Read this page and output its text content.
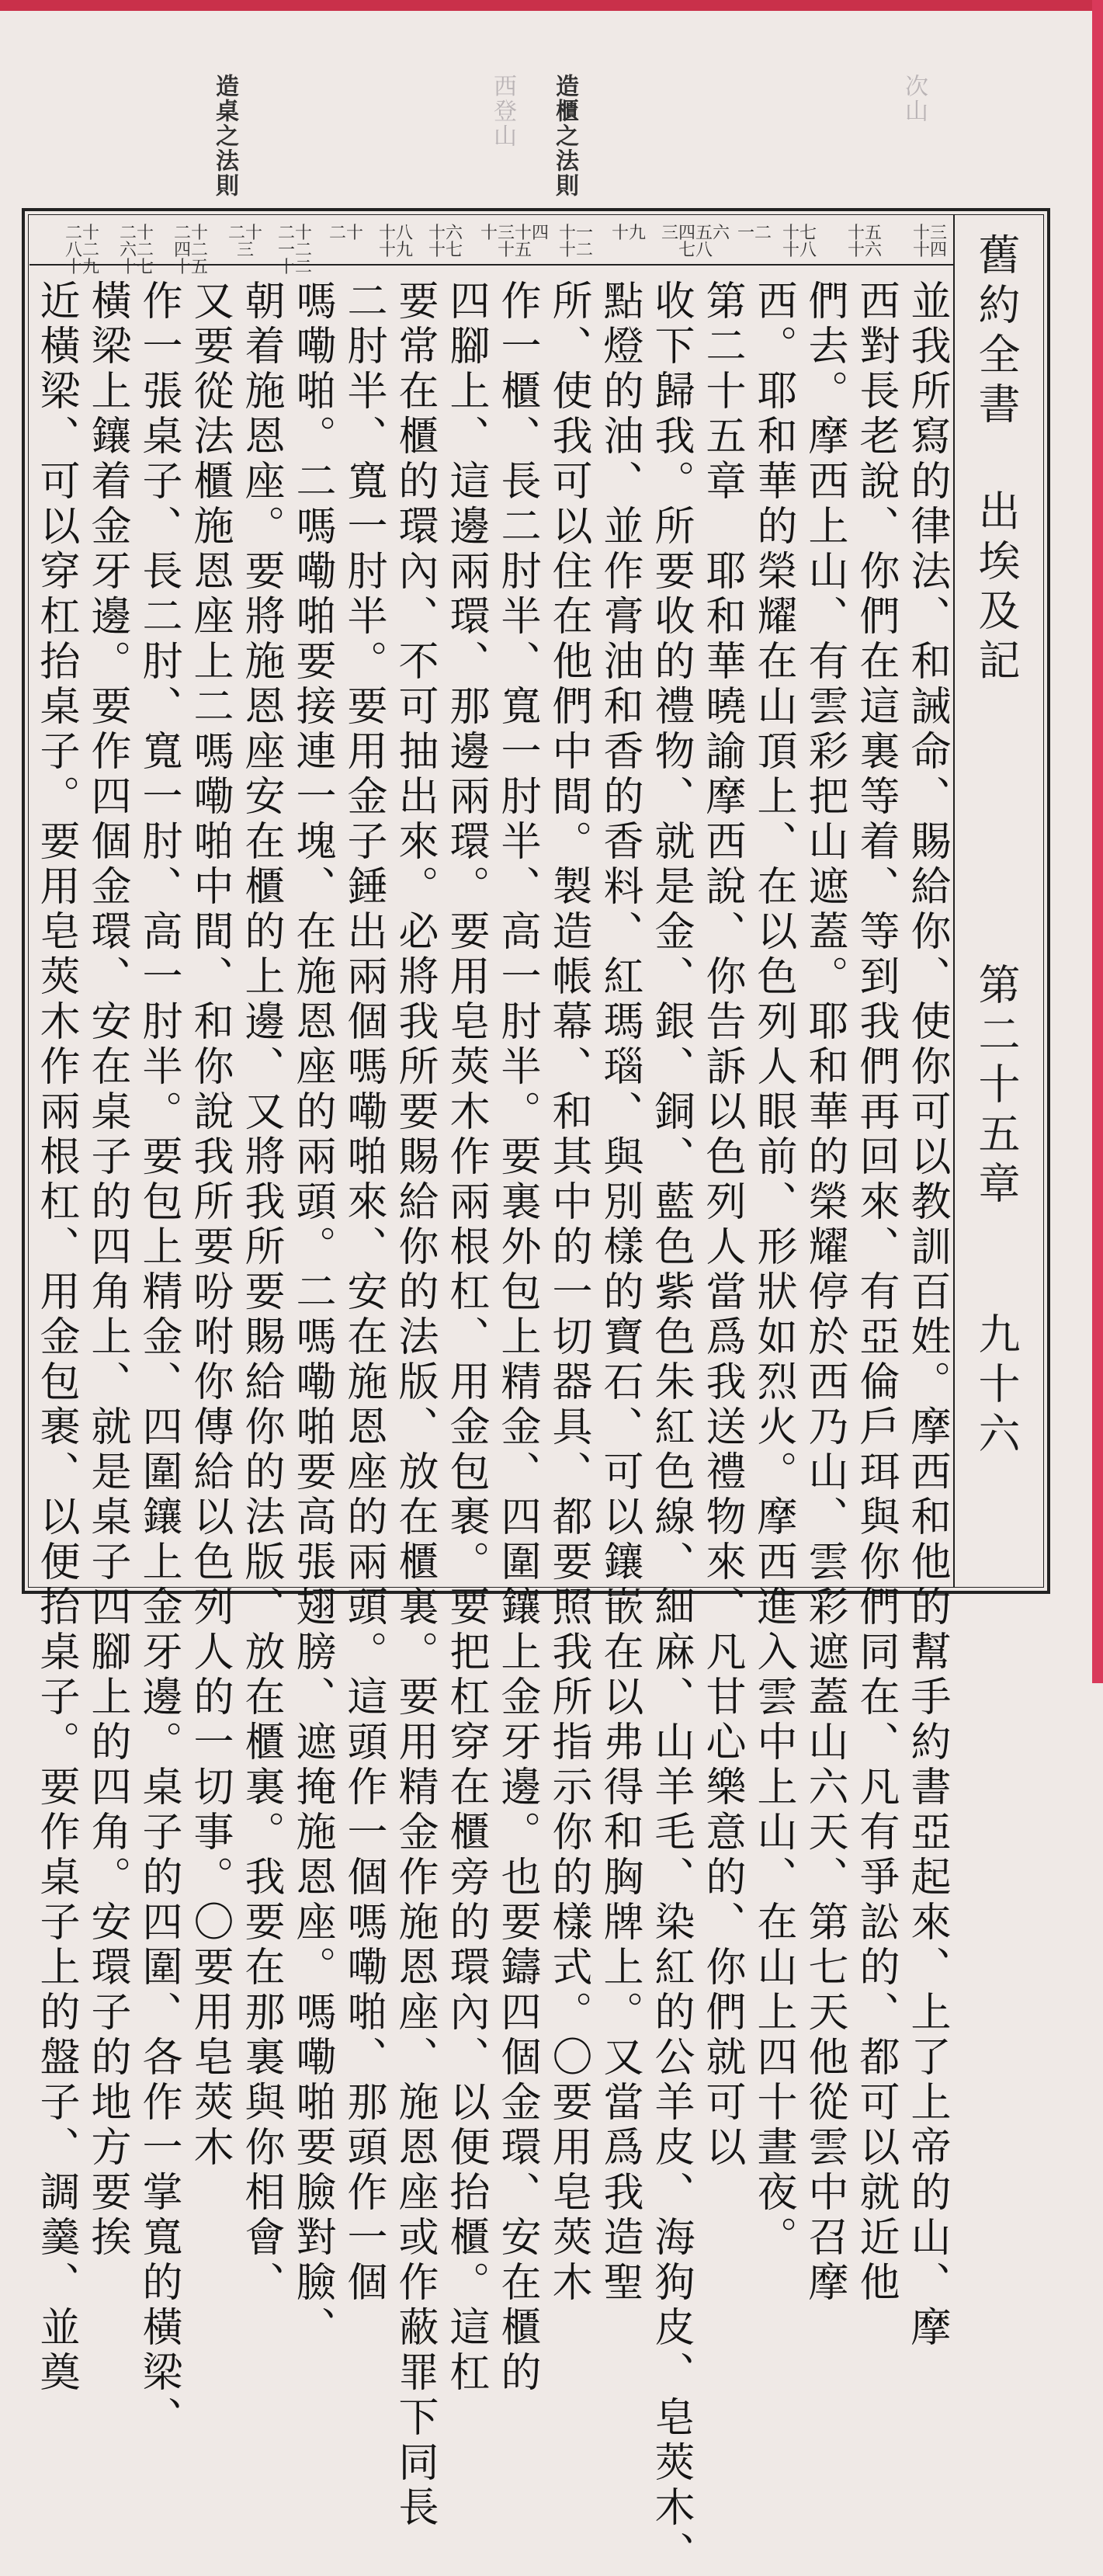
造桌之法則	造櫃之法則
西登山	次山
舊約全書
出埃及記
第二十五章
九十六
十三十四
十五十六
十七十八
一二
三四五六七八
十九
十一十二
十三十四十五
十六十七
十八十九
二十
二十一二十二
二十三
二十四二十五
二十六二十七
二十八二十九
並我所寫的律法、和誡命、賜給你、使你可以教訓百姓。摩西和他的幫手約書亞起來、上了上帝的山、摩
西對長老說、你們在這裏等着、等到我們再回來、有亞倫戶珥與你們同在、凡有爭訟的、都可以就近他
們去。摩西上山、有雲彩把山遮蓋。耶和華的榮耀停於西乃山、雲彩遮蓋山六天、第七天他從雲中召摩
西。耶和華的榮耀在山頂上、在以色列人眼前、形狀如烈火。摩西進入雲中上山、在山上四十晝夜。
第二十五章　耶和華曉諭摩西說、你告訴以色列人當爲我送禮物來、凡甘心樂意的、你們就可以
收下歸我。所要收的禮物、就是金、銀、銅、藍色紫色朱紅色線、細麻、山羊毛、染紅的公羊皮、海狗皮、皂莢木、
點燈的油、並作膏油和香的香料、紅瑪瑙、與別樣的寶石、可以鑲嵌在以弗得和胸牌上。又當爲我造聖
所、使我可以住在他們中間。製造帳幕、和其中的一切器具、都要照我所指示你的樣式。〇要用皂莢木
作一櫃、長二肘半、寬一肘半、高一肘半。要裏外包上精金、四圍鑲上金牙邊。也要鑄四個金環、安在櫃的
四腳上、這邊兩環、那邊兩環。要用皂莢木作兩根杠、用金包裹。要把杠穿在櫃旁的環內、以便抬櫃。這杠
要常在櫃的環內、不可抽出來。必將我所要賜給你的法版、放在櫃裏。要用精金作施恩座、施恩座或作蔽罪下同長
二肘半、寬一肘半。要用金子錘出兩個嗎嘞啪來、安在施恩座的兩頭。這頭作一個嗎嘞啪、那頭作一個
嗎嘞啪。二嗎嘞啪要接連一塊、在施恩座的兩頭。二嗎嘞啪要高張翅膀、遮掩施恩座。嗎嘞啪要臉對臉、
朝着施恩座。要將施恩座安在櫃的上邊、又將我所要賜給你的法版、放在櫃裏。我要在那裏與你相會、
又要從法櫃施恩座上二嗎嘞啪中間、和你說我所要吩咐你傳給以色列人的一切事。〇要用皂莢木
作一張桌子、長二肘、寬一肘、高一肘半。要包上精金、四圍鑲上金牙邊。桌子的四圍、各作一掌寬的橫梁、
橫梁上鑲着金牙邊。要作四個金環、安在桌子的四角上、就是桌子四腳上的四角。安環子的地方要挨
近橫梁、可以穿杠抬桌子。要用皂莢木作兩根杠、用金包裹、以便抬桌子。要作桌子上的盤子、調羹、並奠
